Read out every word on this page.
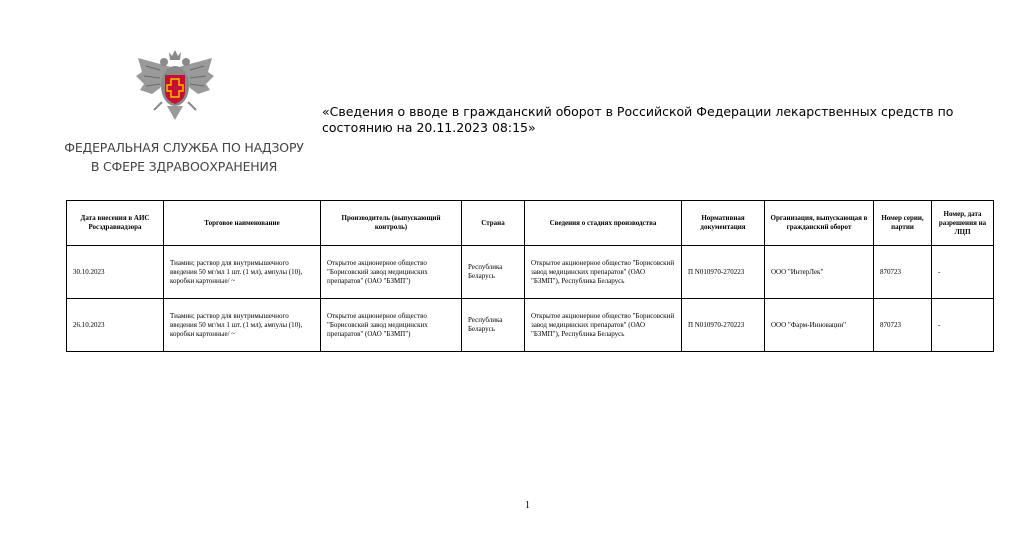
ФЕДЕРАЛЬНАЯ СЛУЖБА ПО НАДЗОРУ
В СФЕРЕ ЗДРАВООХРАНЕНИЯ
«Сведения о вводе в гражданский оборот в Российской Федерации лекарственных средств по состоянию на 20.11.2023 08:15»
Дата внесения в АИС Росздравнадзора	Торговое наименование	Производитель (выпускающий контроль)	Страна	Сведения о стадиях производства	Нормативная документация	Организация, выпускающая в гражданский оборот	Номер серии, партии	Номер, дата разрешения на ЛЦП
30.10.2023	Тиамин; раствор для внутримышечного введения 50 мг/мл 1 шт. (1 мл), ампулы (10), коробки картонные/ ~	Открытое акционерное общество "Борисовский завод медицинских препаратов" (ОАО "БЗМП")	Республика Беларусь	Открытое акционерное общество "Борисовский завод медицинских препаратов" (ОАО "БЗМП"), Республика Беларусь	П N010970-270223	ООО "ИнтерЛек"	870723	-
26.10.2023	Тиамин; раствор для внутримышечного введения 50 мг/мл 1 шт. (1 мл), ампулы (10), коробки картонные/ ~	Открытое акционерное общество "Борисовский завод медицинских препаратов" (ОАО "БЗМП")	Республика Беларусь	Открытое акционерное общество "Борисовский завод медицинских препаратов" (ОАО "БЗМП"), Республика Беларусь	П N010970-270223	ООО "Фарм-Инновации"	870723	-
1
